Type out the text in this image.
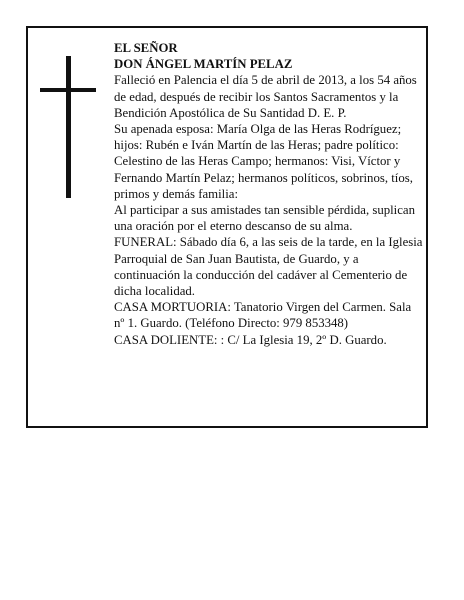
EL SEÑOR

DON ÁNGEL MARTÍN PELAZ

Falleció en Palencia el día 5 de abril de 2013, a los 54 años de edad, después de recibir los Santos Sacramentos y la Bendición Apostólica de Su Santidad D. E. P.

Su apenada esposa: María Olga de las Heras Rodríguez; hijos: Rubén e Iván Martín de las Heras; padre político: Celestino de las Heras Campo; hermanos: Visi, Víctor y Fernando Martín Pelaz; hermanos políticos, sobrinos, tíos, primos y demás familia:

Al participar a sus amistades tan sensible pérdida, suplican una oración por el eterno descanso de su alma.

FUNERAL: Sábado día 6, a las seis de la tarde, en la Iglesia Parroquial de San Juan Bautista, de Guardo, y a continuación la conducción del cadáver al Cementerio de dicha localidad.

CASA MORTUORIA: Tanatorio Virgen del Carmen. Sala nº 1. Guardo. (Teléfono Directo: 979 853348)

CASA DOLIENTE: : C/ La Iglesia 19, 2º D. Guardo.
